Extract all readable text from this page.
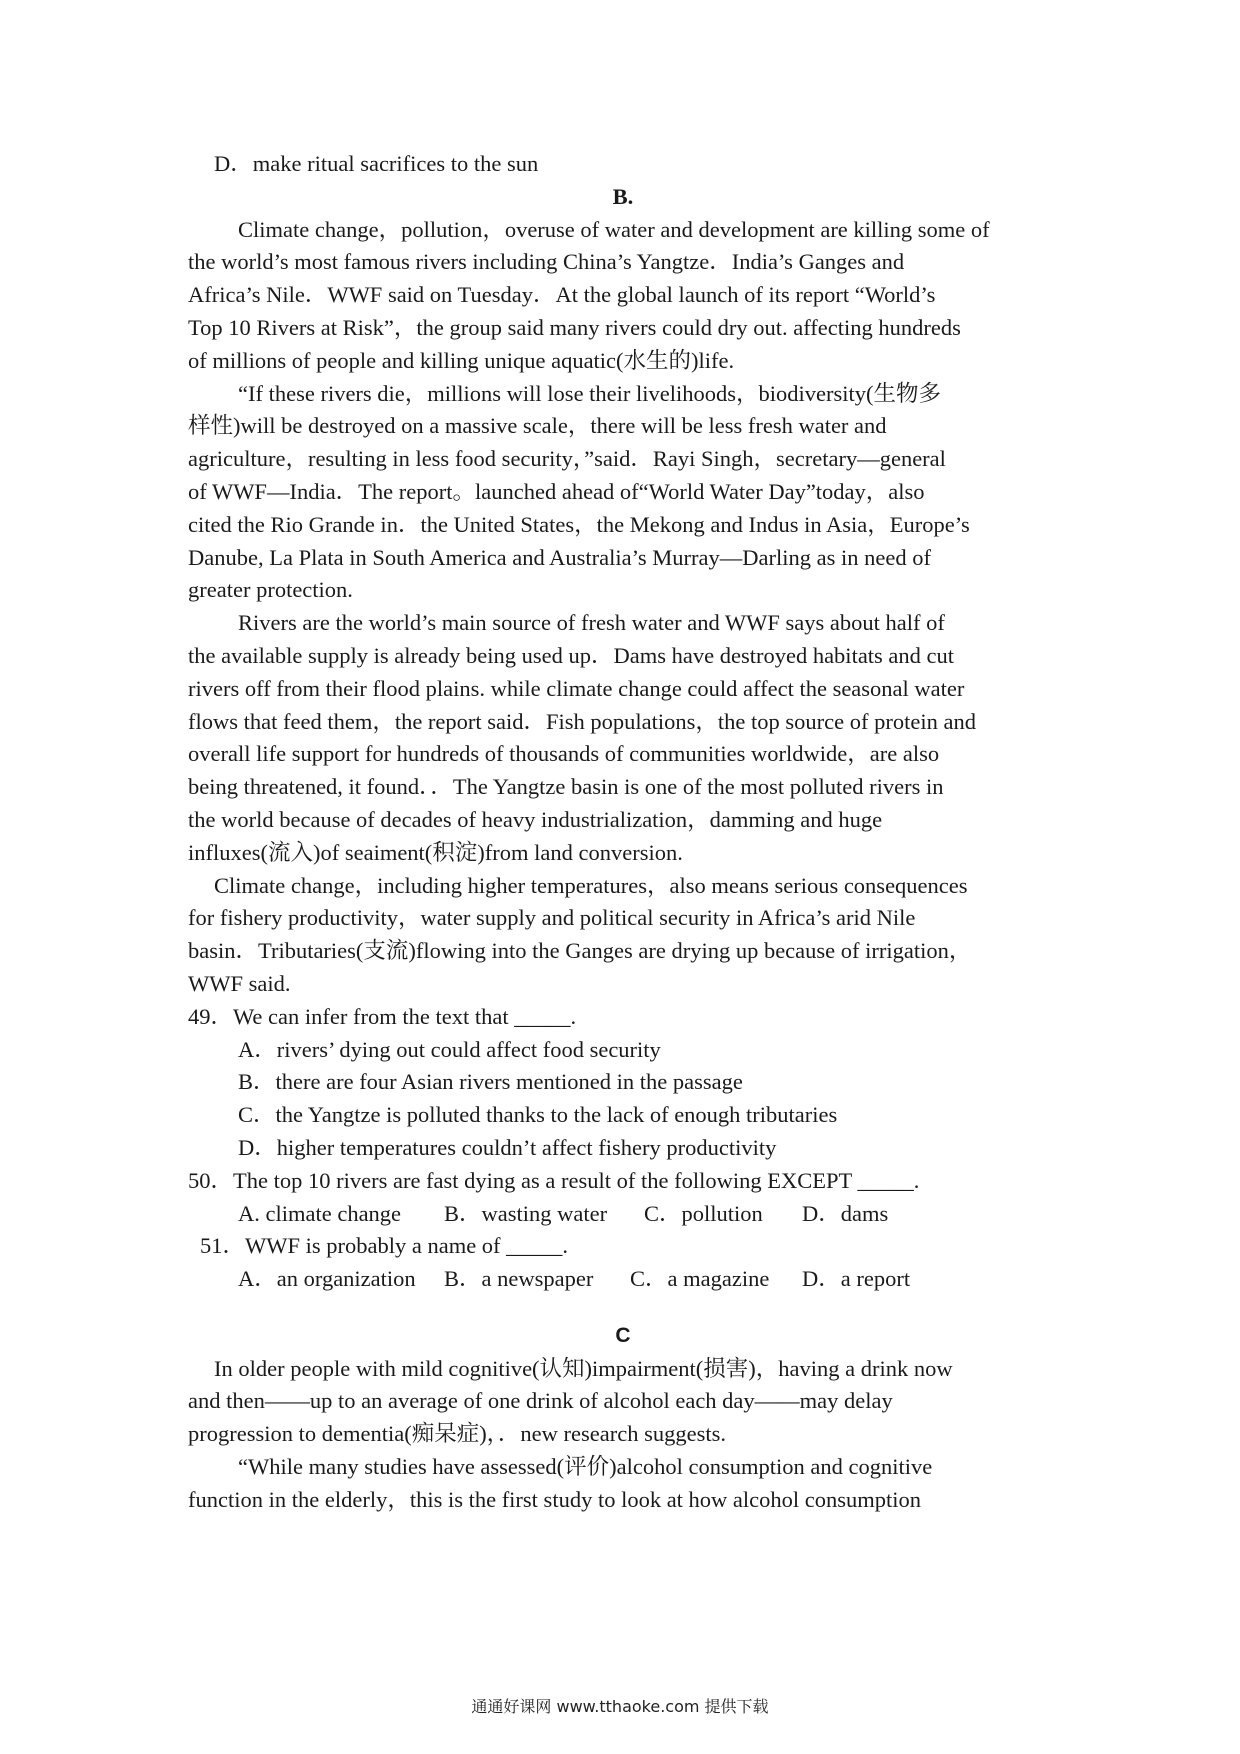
D．make ritual sacrifices to the sun
B.
Climate change，pollution，overuse of water and development are killing some of
the world’s most famous rivers including China’s Yangtze．India’s Ganges and
Africa’s Nile．WWF said on Tuesday．At the global launch of its report “World’s
Top 10 Rivers at Risk”，the group said many rivers could dry out. affecting hundreds
of millions of people and killing unique aquatic(水生的)life.
“If these rivers die，millions will lose their livelihoods，biodiversity(生物多
样性)will be destroyed on a massive scale，there will be less fresh water and
agriculture，resulting in less food security，”said．Rayi Singh，secretary—general
of WWF—India．The report。launched ahead of“World Water Day”today，also
cited the Rio Grande in．the United States，the Mekong and Indus in Asia，Europe’s
Danube, La Plata in South America and Australia’s Murray—Darling as in need of
greater protection.
Rivers are the world’s main source of fresh water and WWF says about half of
the available supply is already being used up．Dams have destroyed habitats and cut
rivers off from their flood plains. while climate change could affect the seasonal water
flows that feed them，the report said．Fish populations，the top source of protein and
overall life support for hundreds of thousands of communities worldwide，are also
being threatened, it found．．The Yangtze basin is one of the most polluted rivers in
the world because of decades of heavy industrialization，damming and huge
influxes(流入)of seaiment(积淀)from land conversion.
Climate change，including higher temperatures，also means serious consequences
for fishery productivity，water supply and political security in Africa’s arid Nile
basin．Tributaries(支流)flowing into the Ganges are drying up because of irrigation，
WWF said.
49．We can infer from the text that _____.
A．rivers’ dying out could affect food security
B．there are four Asian rivers mentioned in the passage
C．the Yangtze is polluted thanks to the lack of enough tributaries
D．higher temperatures couldn’t affect fishery productivity
50．The top 10 rivers are fast dying as a result of the following EXCEPT _____.
A. climate change	B．wasting water	C．pollution	D．dams
51．WWF is probably a name of _____.
A．an organization	B．a newspaper	C．a magazine	D．a report
C
In older people with mild cognitive(认知)impairment(损害)，having a drink now
and then——up to an average of one drink of alcohol each day——may delay
progression to dementia(痴呆症)，．new research suggests.
“While many studies have assessed(评价)alcohol consumption and cognitive
function in the elderly，this is the first study to look at how alcohol consumption
通通好课网 www.tthaoke.com 提供下载
